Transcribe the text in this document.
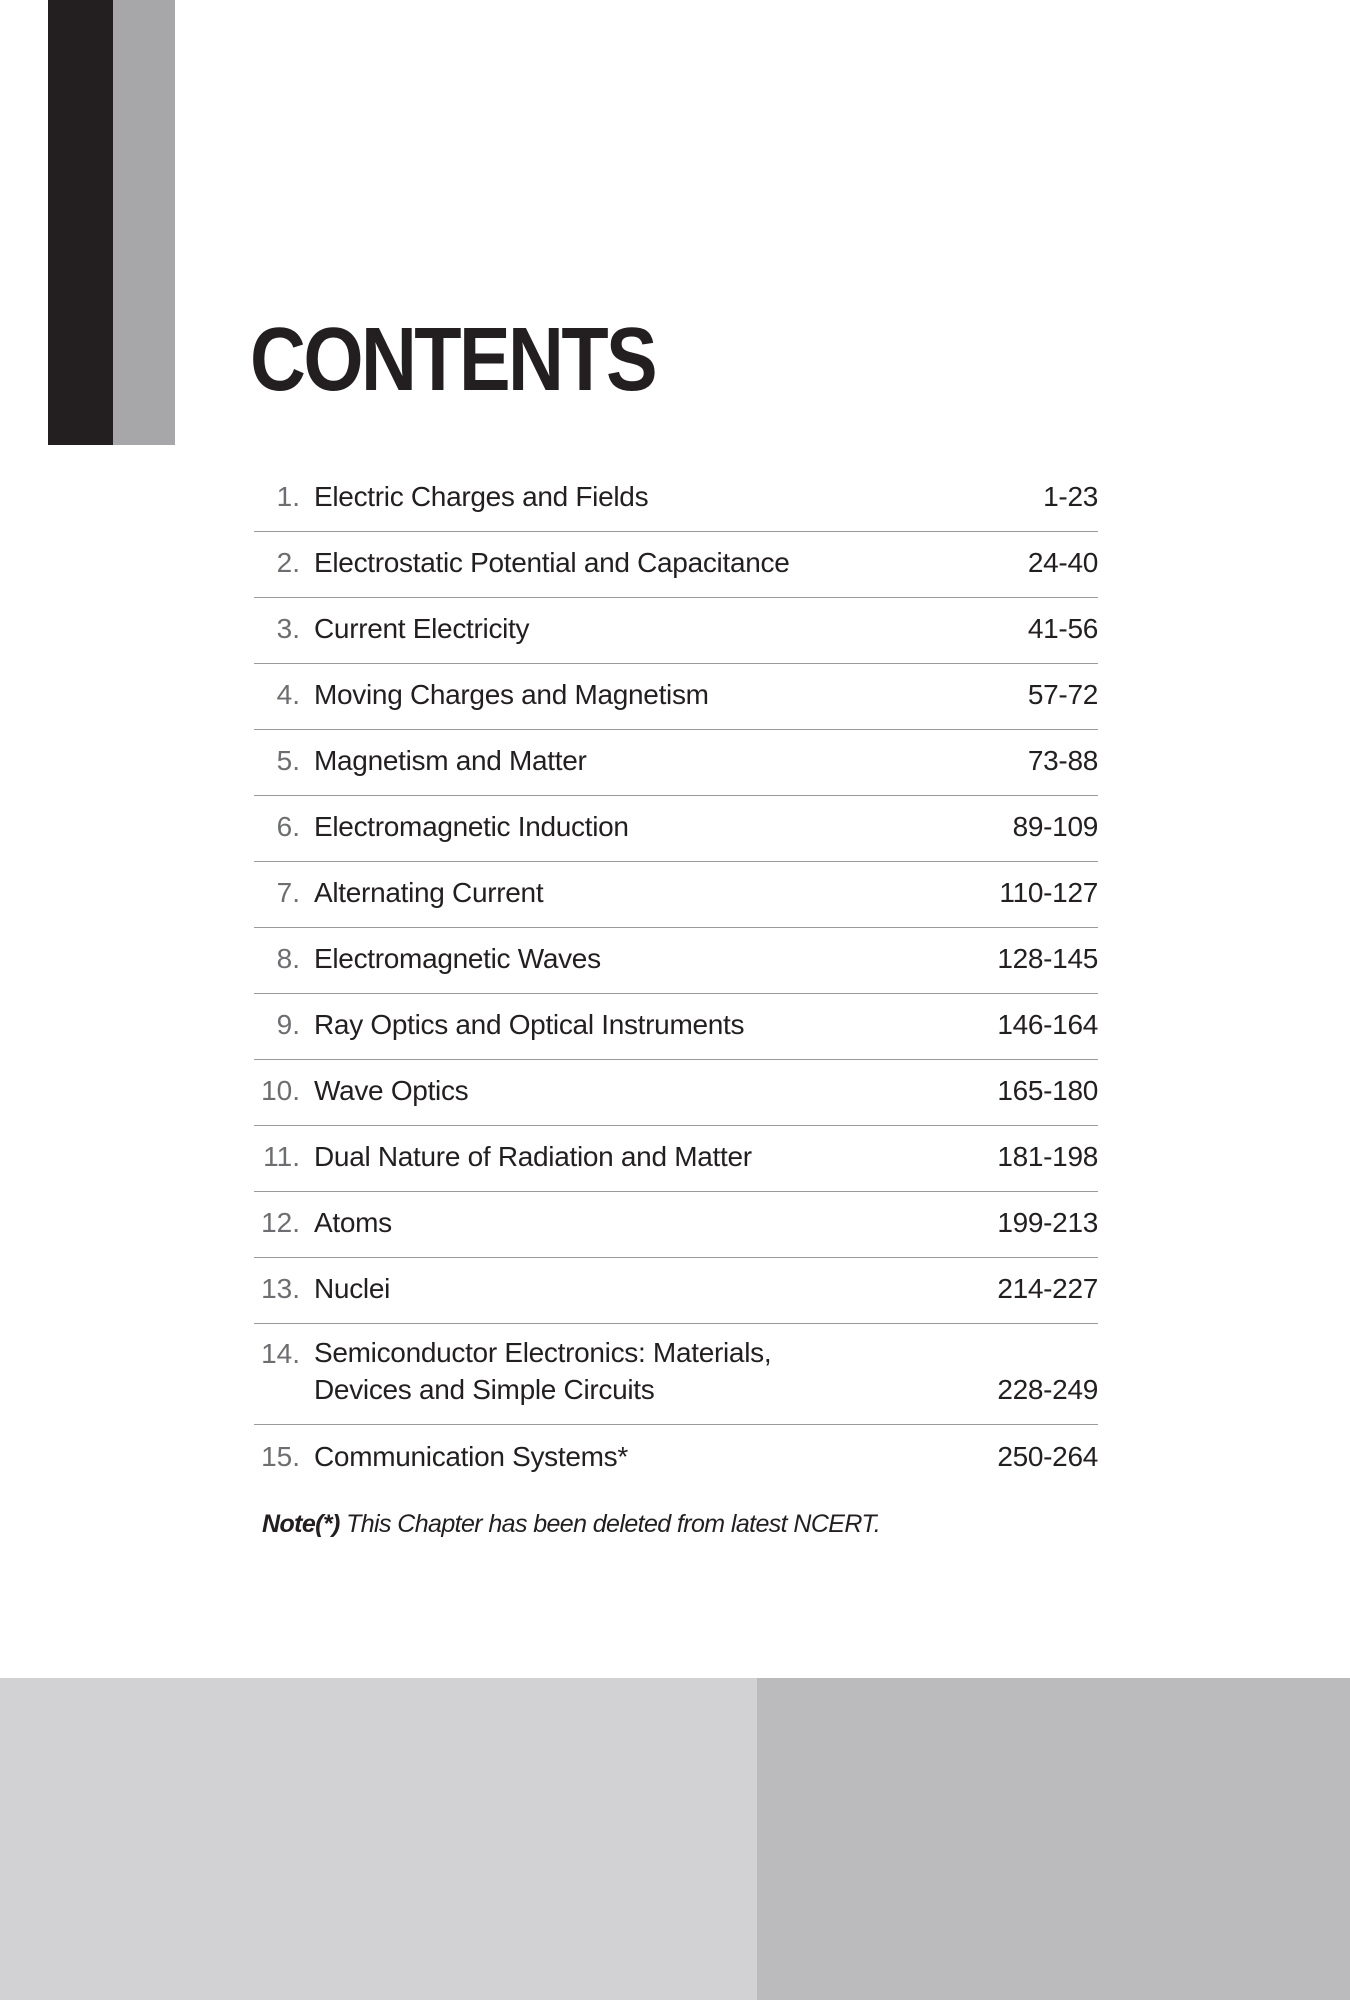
CONTENTS
1. Electric Charges and Fields	1-23
2. Electrostatic Potential and Capacitance	24-40
3. Current Electricity	41-56
4. Moving Charges and Magnetism	57-72
5. Magnetism and Matter	73-88
6. Electromagnetic Induction	89-109
7. Alternating Current	110-127
8. Electromagnetic Waves	128-145
9. Ray Optics and Optical Instruments	146-164
10. Wave Optics	165-180
11. Dual Nature of Radiation and Matter	181-198
12. Atoms	199-213
13. Nuclei	214-227
14. Semiconductor Electronics: Materials,
Devices and Simple Circuits	228-249
15. Communication Systems*	250-264
Note(*) This Chapter has been deleted from latest NCERT.
